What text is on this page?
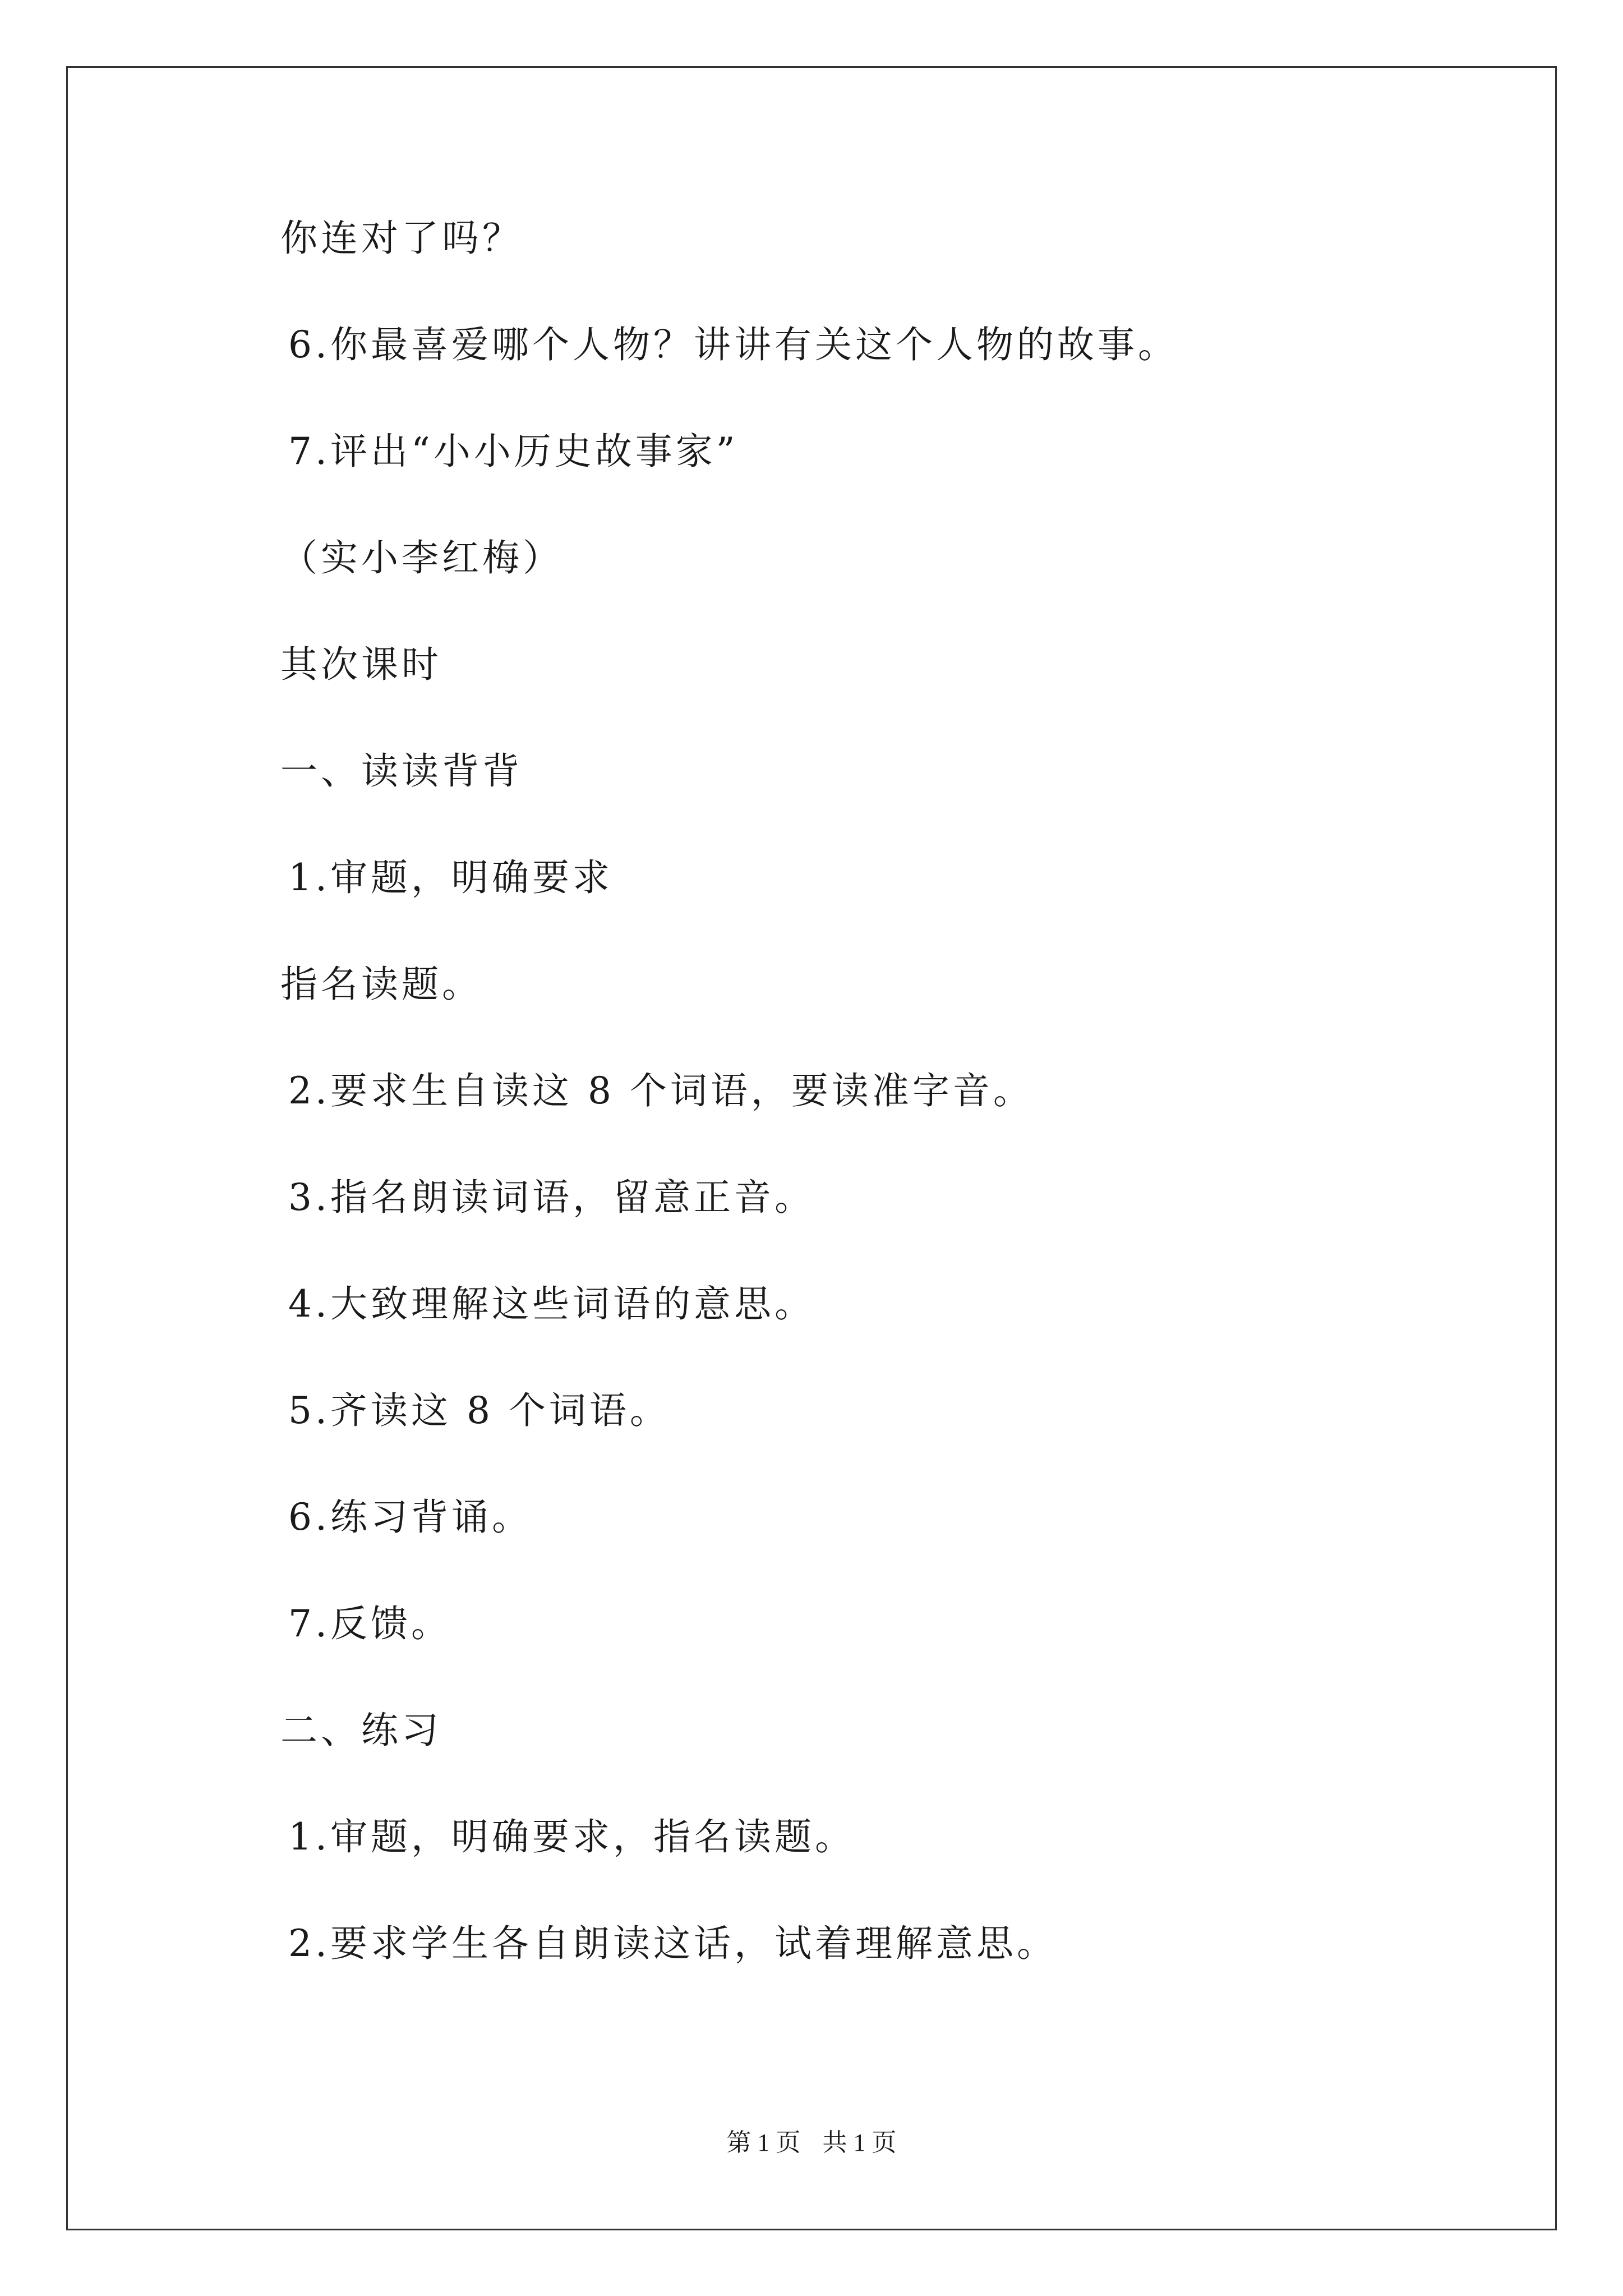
你连对了吗？
6.你最喜爱哪个人物？讲讲有关这个人物的故事。
7.评出“小小历史故事家”
（实小李红梅）
其次课时
一、读读背背
1.审题，明确要求
指名读题。
2.要求生自读这 8 个词语，要读准字音。
3.指名朗读词语，留意正音。
4.大致理解这些词语的意思。
5.齐读这 8 个词语。
6.练习背诵。
7.反馈。
二、练习
1.审题，明确要求，指名读题。
2.要求学生各自朗读这话，试着理解意思。
第 1 页 共 1 页
